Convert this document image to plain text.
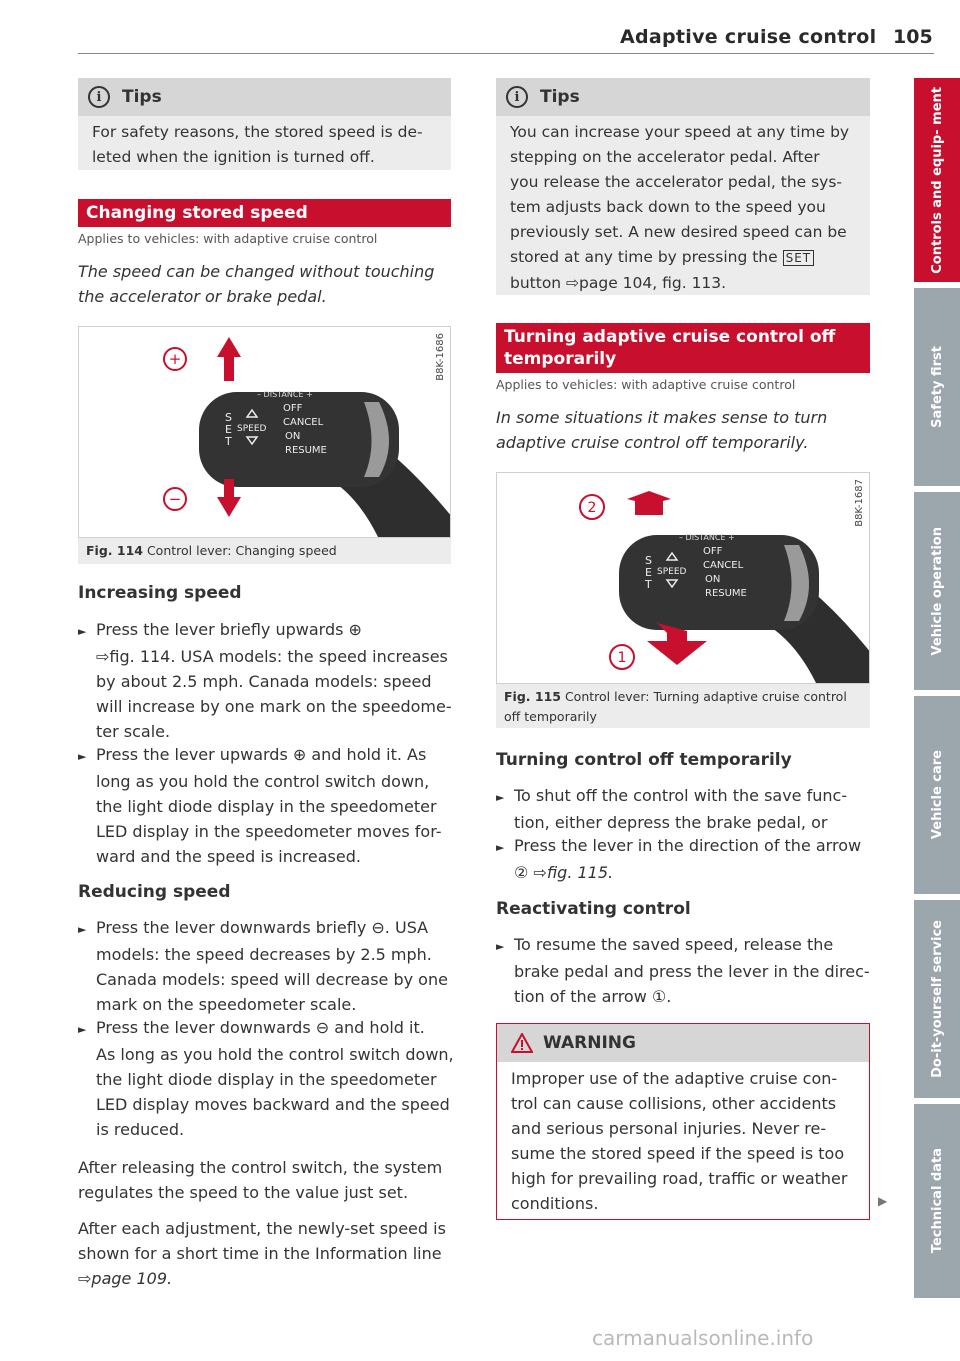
Adaptive cruise control 105
i	Tips
For safety reasons, the stored speed is de-
leted when the ignition is turned off.
Changing stored speed
Applies to vehicles: with adaptive cruise control
The speed can be changed without touching
the accelerator or brake pedal.
– DISTANCE +
S
E
T
SPEED
OFF
CANCEL
ON
RESUME
+
−
B8K-1686
Fig. 114 Control lever: Changing speed
Increasing speed
► Press the lever briefly upwards ⊕
⇨fig. 114. USA models: the speed increases
by about 2.5 mph. Canada models: speed
will increase by one mark on the speedome-
ter scale.
► Press the lever upwards ⊕ and hold it. As
long as you hold the control switch down,
the light diode display in the speedometer
LED display in the speedometer moves for-
ward and the speed is increased.
Reducing speed
► Press the lever downwards briefly ⊖. USA
models: the speed decreases by 2.5 mph.
Canada models: speed will decrease by one
mark on the speedometer scale.
► Press the lever downwards ⊖ and hold it.
As long as you hold the control switch down,
the light diode display in the speedometer
LED display moves backward and the speed
is reduced.
After releasing the control switch, the system
regulates the speed to the value just set.
After each adjustment, the newly-set speed is
shown for a short time in the Information line
⇨page 109.
i	Tips
You can increase your speed at any time by
stepping on the accelerator pedal. After
you release the accelerator pedal, the sys-
tem adjusts back down to the speed you
previously set. A new desired speed can be
stored at any time by pressing the SET
button ⇨page 104, fig. 113.
Turning adaptive cruise control off
temporarily
Applies to vehicles: with adaptive cruise control
In some situations it makes sense to turn
adaptive cruise control off temporarily.
– DISTANCE +
S
E
T
SPEED
OFF
CANCEL
ON
RESUME
2
1
B8K-1687
Fig. 115 Control lever: Turning adaptive cruise control
off temporarily
Turning control off temporarily
► To shut off the control with the save func-
tion, either depress the brake pedal, or
► Press the lever in the direction of the arrow
② ⇨fig. 115.
Reactivating control
► To resume the saved speed, release the
brake pedal and press the lever in the direc-
tion of the arrow ①.
WARNING
Improper use of the adaptive cruise con-
trol can cause collisions, other accidents
and serious personal injuries. Never re-
sume the stored speed if the speed is too
high for prevailing road, traffic or weather
conditions.	▶
Controls and equip- ment
Safety first
Vehicle operation
Vehicle care
Do-it-yourself service
Technical data
carmanualsonline.info
